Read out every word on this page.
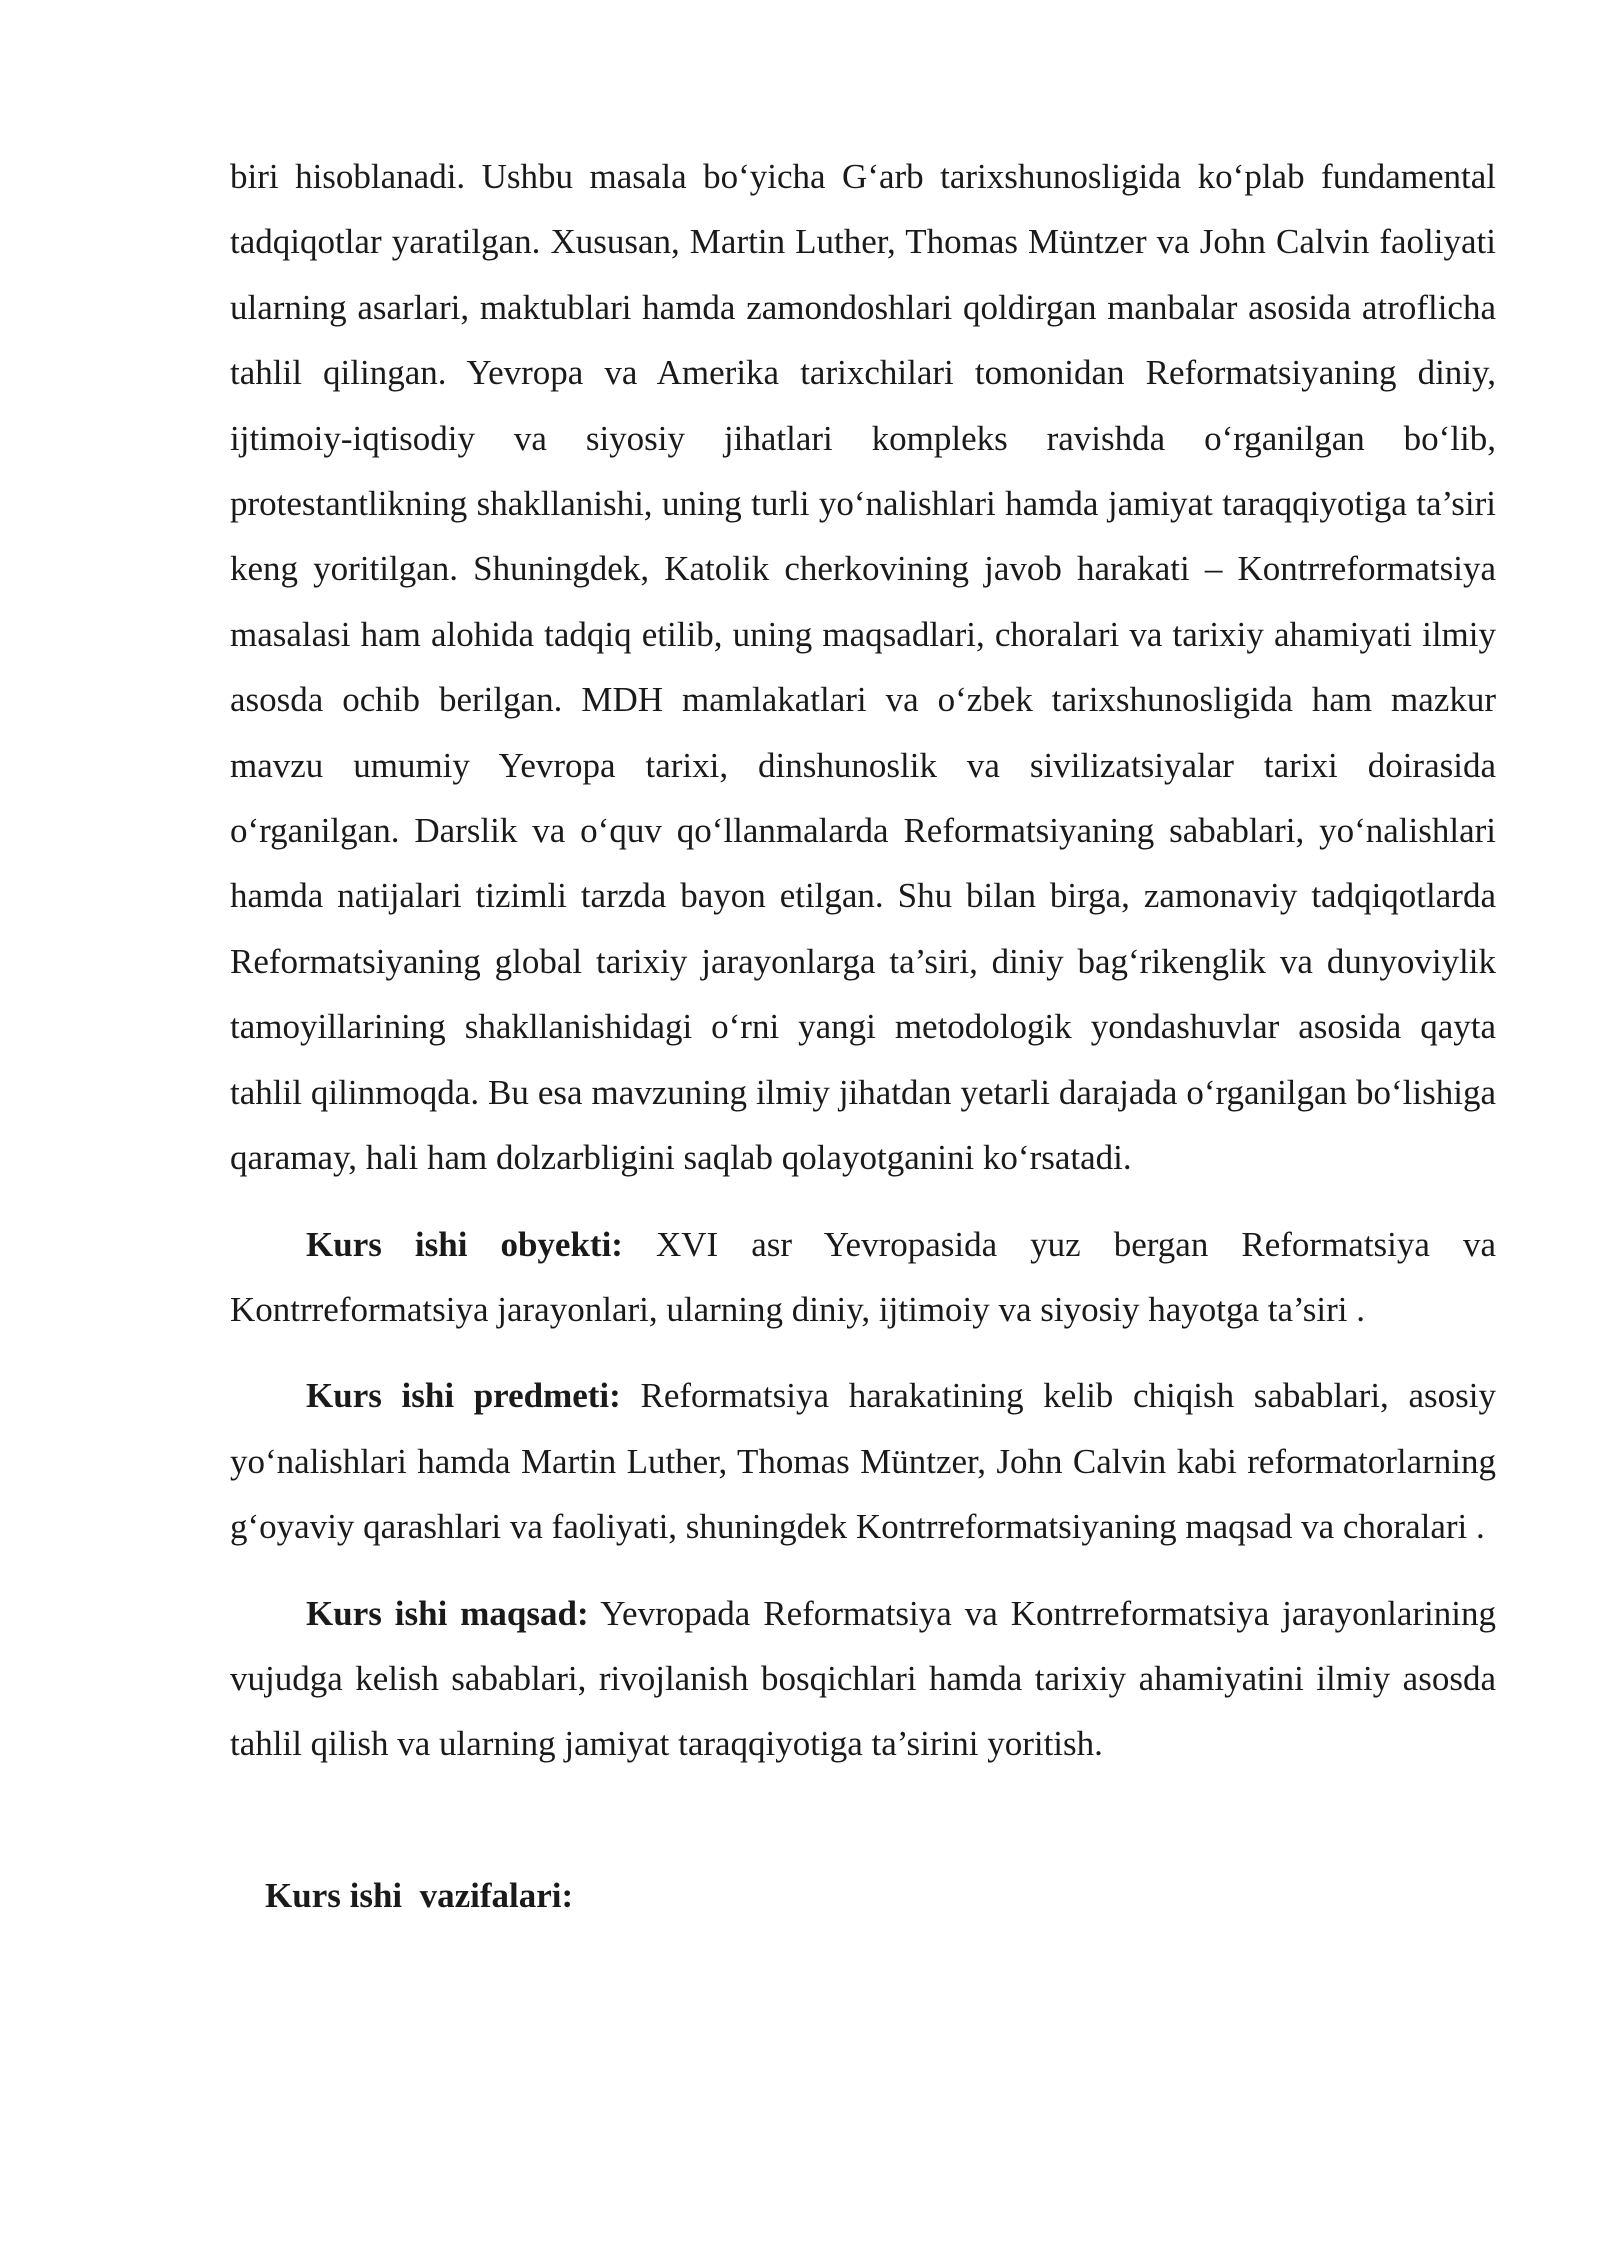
biri hisoblanadi. Ushbu masala bo‘yicha G‘arb tarixshunosligida ko‘plab fundamental tadqiqotlar yaratilgan. Xususan, Martin Luther, Thomas Müntzer va John Calvin faoliyati ularning asarlari, maktublari hamda zamondoshlari qoldirgan manbalar asosida atroflicha tahlil qilingan. Yevropa va Amerika tarixchilari tomonidan Reformatsiyaning diniy, ijtimoiy-iqtisodiy va siyosiy jihatlari kompleks ravishda o‘rganilgan bo‘lib, protestantlikning shakllanishi, uning turli yo‘nalishlari hamda jamiyat taraqqiyotiga ta’siri keng yoritilgan. Shuningdek, Katolik cherkovining javob harakati – Kontrreformatsiya masalasi ham alohida tadqiq etilib, uning maqsadlari, choralari va tarixiy ahamiyati ilmiy asosda ochib berilgan. MDH mamlakatlari va o‘zbek tarixshunosligida ham mazkur mavzu umumiy Yevropa tarixi, dinshunoslik va sivilizatsiyalar tarixi doirasida o‘rganilgan. Darslik va o‘quv qo‘llanmalarda Reformatsiyaning sabablari, yo‘nalishlari hamda natijalari tizimli tarzda bayon etilgan. Shu bilan birga, zamonaviy tadqiqotlarda Reformatsiyaning global tarixiy jarayonlarga ta’siri, diniy bag‘rikenglik va dunyoviylik tamoyillarining shakllanishidagi o‘rni yangi metodologik yondashuvlar asosida qayta tahlil qilinmoqda. Bu esa mavzuning ilmiy jihatdan yetarli darajada o‘rganilgan bo‘lishiga qaramay, hali ham dolzarbligini saqlab qolayotganini ko‘rsatadi.

Kurs ishi obyekti: XVI asr Yevropasida yuz bergan Reformatsiya va Kontrreformatsiya jarayonlari, ularning diniy, ijtimoiy va siyosiy hayotga ta’siri .

Kurs ishi predmeti: Reformatsiya harakatining kelib chiqish sabablari, asosiy yo‘nalishlari hamda Martin Luther, Thomas Müntzer, John Calvin kabi reformatorlarning g‘oyaviy qarashlari va faoliyati, shuningdek Kontrreformatsiyaning maqsad va choralari .

Kurs ishi maqsad: Yevropada Reformatsiya va Kontrreformatsiya jarayonlarining vujudga kelish sabablari, rivojlanish bosqichlari hamda tarixiy ahamiyatini ilmiy asosda tahlil qilish va ularning jamiyat taraqqiyotiga ta’sirini yoritish.

Kurs ishi  vazifalari:
